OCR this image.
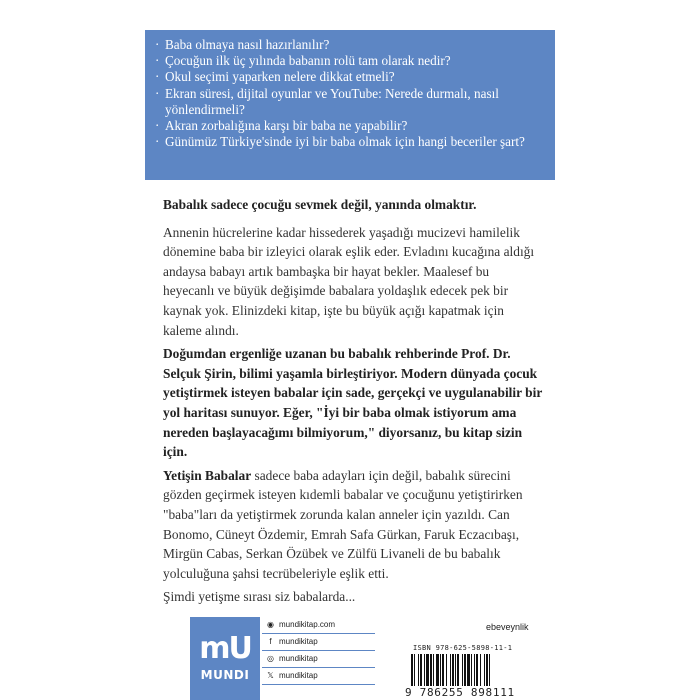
· Baba olmaya nasıl hazırlanılır?
· Çocuğun ilk üç yılında babanın rolü tam olarak nedir?
· Okul seçimi yaparken nelere dikkat etmeli?
· Ekran süresi, dijital oyunlar ve YouTube: Nerede durmalı, nasıl yönlendirmeli?
· Akran zorbalığına karşı bir baba ne yapabilir?
· Günümüz Türkiye'sinde iyi bir baba olmak için hangi beceriler şart?

Babalık sadece çocuğu sevmek değil, yanında olmaktır.

Annenin hücrelerine kadar hissederek yaşadığı mucizevi hamilelik dönemine baba bir izleyici olarak eşlik eder. Evladını kucağına aldığı andaysa babayı artık bambaşka bir hayat bekler. Maalesef bu heyecanlı ve büyük değişimde babalara yoldaşlık edecek pek bir kaynak yok. Elinizdeki kitap, işte bu büyük açığı kapatmak için kaleme alındı.

Doğumdan ergenliğe uzanan bu babalık rehberinde Prof. Dr. Selçuk Şirin, bilimi yaşamla birleştiriyor. Modern dünyada çocuk yetiştirmek isteyen babalar için sade, gerçekçi ve uygulanabilir bir yol haritası sunuyor. Eğer, "İyi bir baba olmak istiyorum ama nereden başlayacağımı bilmiyorum," diyorsanız, bu kitap sizin için.

Yetişin Babalar sadece baba adayları için değil, babalık sürecini gözden geçirmek isteyen kıdemli babalar ve çocuğunu yetiştirirken "baba"ları da yetiştirmek zorunda kalan anneler için yazıldı. Can Bonomo, Cüneyt Özdemir, Emrah Safa Gürkan, Faruk Eczacıbaşı, Mirgün Cabas, Serkan Özübek ve Zülfü Livaneli de bu babalık yolculuğuna şahsi tecrübeleriyle eşlik etti.

Şimdi yetişme sırası siz babalarda...

mU
MUNDI
◉ mundikitap.com
f mundikitap
◎ mundikitap
𝕏 mundikitap
ebeveynlik
ISBN 978-625-5898-11-1
9 786255 898111
